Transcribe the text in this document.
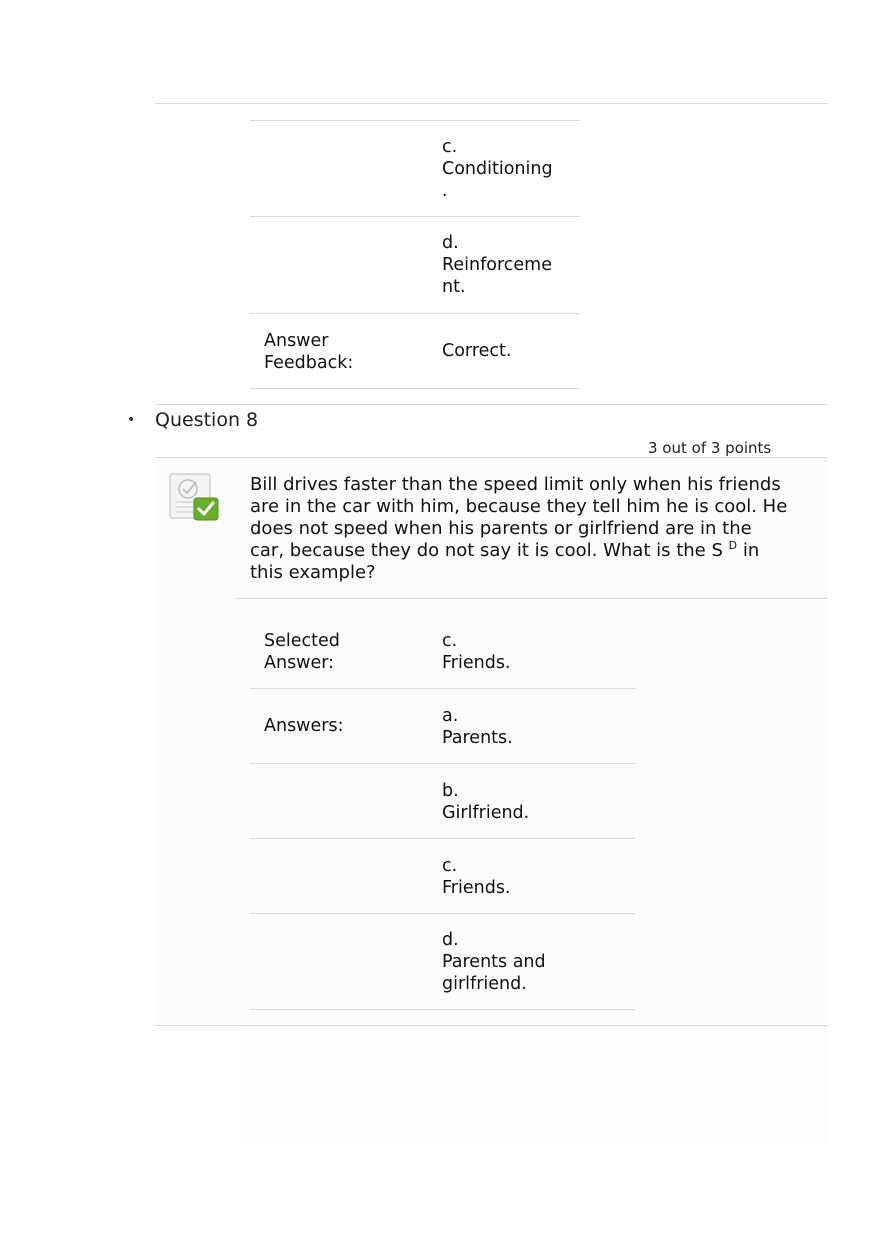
c.
Conditioning
.
d.
Reinforceme
nt.
Answer
Feedback:
Correct.
• Question 8
3 out of 3 points
Bill drives faster than the speed limit only when his friends
are in the car with him, because they tell him he is cool. He
does not speed when his parents or girlfriend are in the
car, because they do not say it is cool. What is the S $^D$ in
this example?
Selected
Answer:
c.
Friends.
Answers:	a.
Parents.
b.
Girlfriend.
c.
Friends.
d.
Parents and
girlfriend.
